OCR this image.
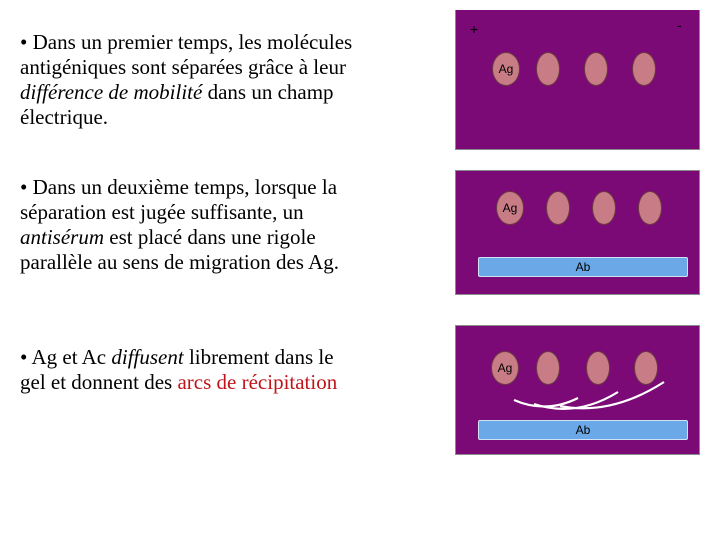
• Dans un premier temps, les molécules
antigéniques sont séparées grâce à leur
différence de mobilité dans un champ
électrique.
• Dans un deuxième temps, lorsque la
séparation est jugée suffisante, un
antisérum est placé dans une rigole
parallèle au sens de migration des Ag.
• Ag et Ac diffusent librement dans le
gel et donnent des arcs de récipitation
Ag
+	-
Ag
Ab
Ag
Ab
